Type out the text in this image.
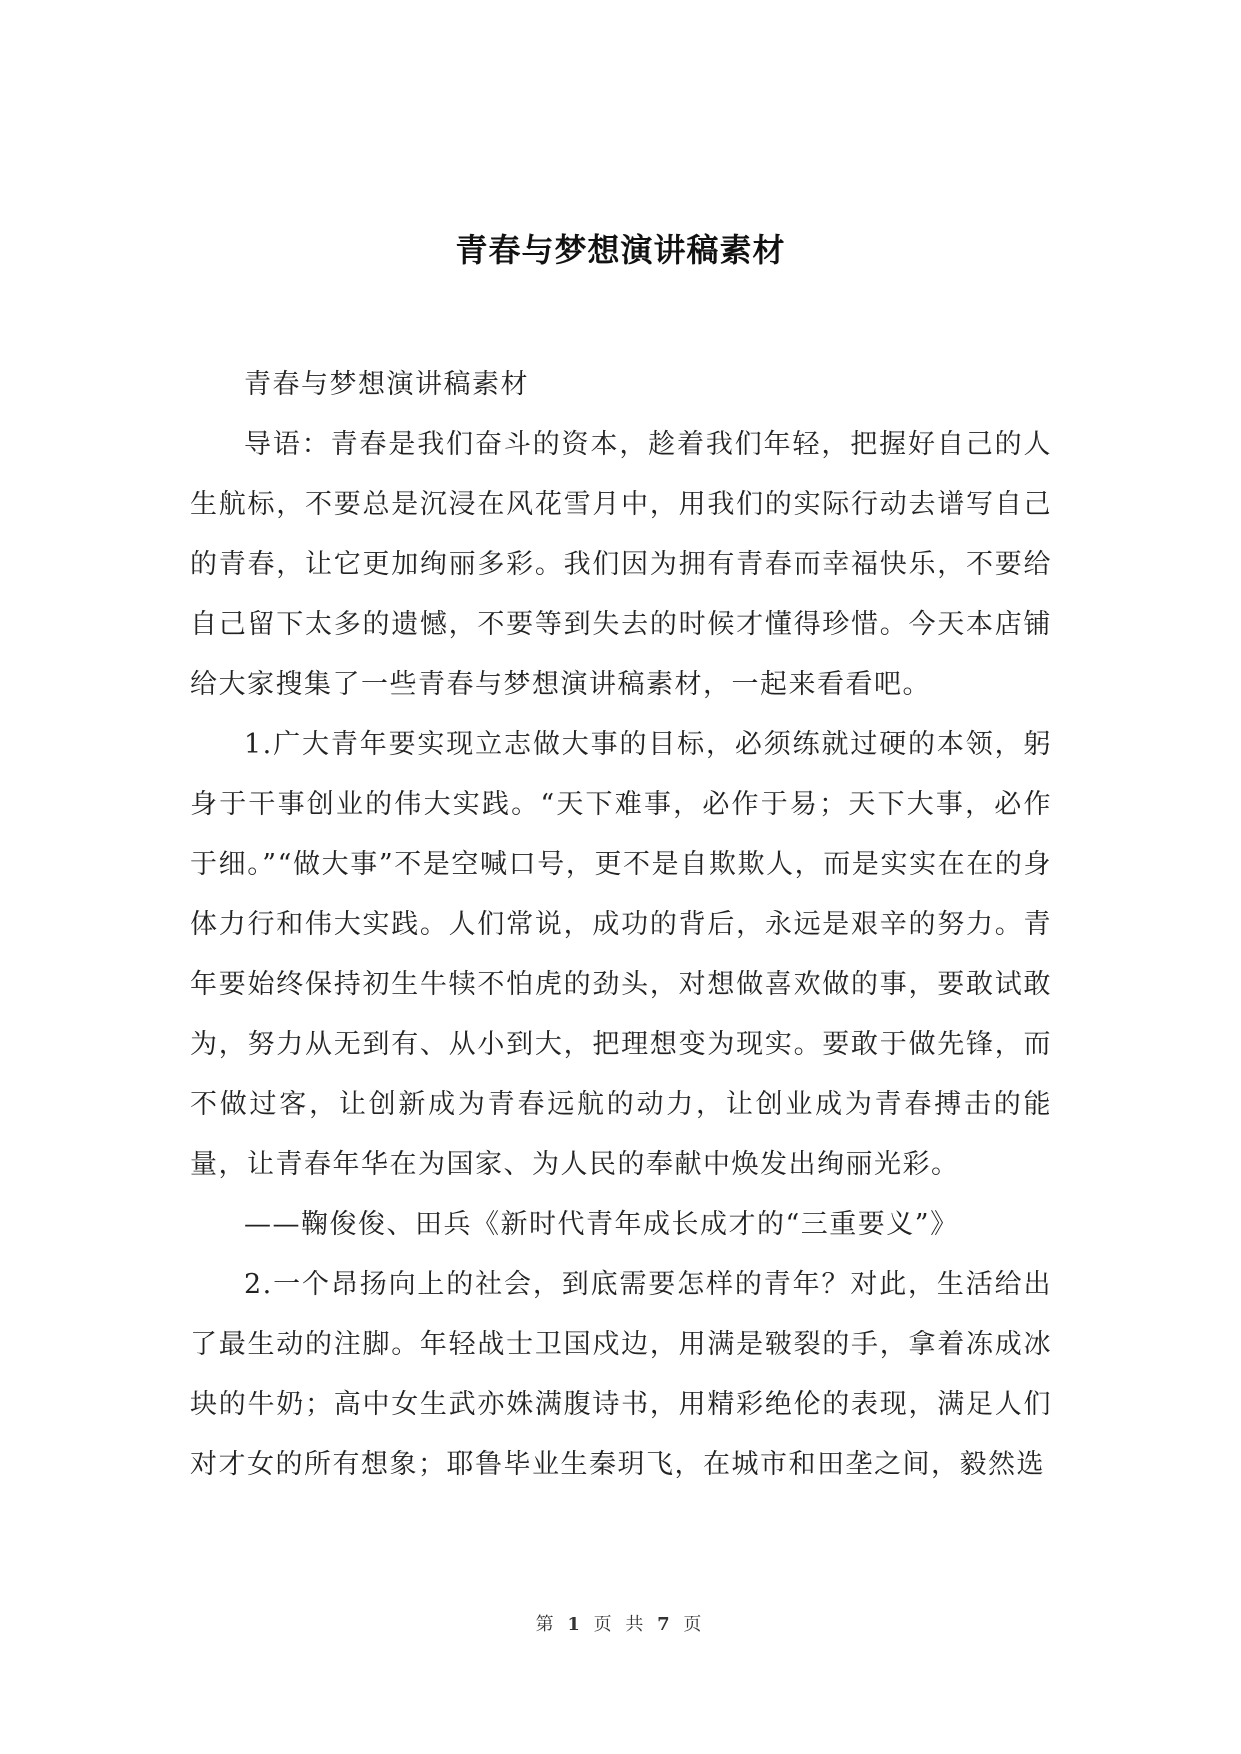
青春与梦想演讲稿素材

青春与梦想演讲稿素材

导语：青春是我们奋斗的资本，趁着我们年轻，把握好自己的人生航标，不要总是沉浸在风花雪月中，用我们的实际行动去谱写自己的青春，让它更加绚丽多彩。我们因为拥有青春而幸福快乐，不要给自己留下太多的遗憾，不要等到失去的时候才懂得珍惜。今天本店铺给大家搜集了一些青春与梦想演讲稿素材，一起来看看吧。

1.广大青年要实现立志做大事的目标，必须练就过硬的本领，躬身于干事创业的伟大实践。“天下难事，必作于易；天下大事，必作于细。”“做大事”不是空喊口号，更不是自欺欺人，而是实实在在的身体力行和伟大实践。人们常说，成功的背后，永远是艰辛的努力。青年要始终保持初生牛犊不怕虎的劲头，对想做喜欢做的事，要敢试敢为，努力从无到有、从小到大，把理想变为现实。要敢于做先锋，而不做过客，让创新成为青春远航的动力，让创业成为青春搏击的能量，让青春年华在为国家、为人民的奉献中焕发出绚丽光彩。

——鞠俊俊、田兵《新时代青年成长成才的“三重要义”》

2.一个昂扬向上的社会，到底需要怎样的青年？对此，生活给出了最生动的注脚。年轻战士卫国戍边，用满是皲裂的手，拿着冻成冰块的牛奶；高中女生武亦姝满腹诗书，用精彩绝伦的表现，满足人们对才女的所有想象；耶鲁毕业生秦玥飞，在城市和田垄之间，毅然选

第 1 页 共 7 页
